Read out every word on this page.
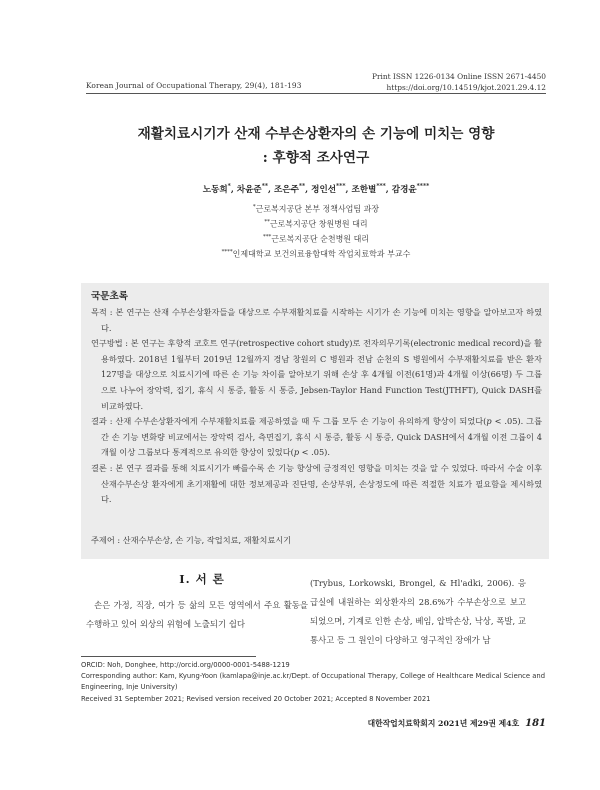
Korean Journal of Occupational Therapy, 29(4), 181-193
Print ISSN 1226-0134 Online ISSN 2671-4450
https://doi.org/10.14519/kjot.2021.29.4.12
재활치료시기가 산재 수부손상환자의 손 기능에 미치는 영향
: 후향적 조사연구
노동희*, 차윤준**, 조은주**, 정인선***, 조한별***, 감경윤****
*근로복지공단 본부 정책사업팀 과장
**근로복지공단 창원병원 대리
***근로복지공단 순천병원 대리
****인제대학교 보건의료융합대학 작업치료학과 부교수
국문초록

목적 : 본 연구는 산재 수부손상환자들을 대상으로 수부재활치료를 시작하는 시기가 손 기능에 미치는 영향을 알아보고자 하였다.

연구방법 : 본 연구는 후향적 코호트 연구(retrospective cohort study)로 전자의무기록(electronic medical record)을 활용하였다. 2018년 1월부터 2019년 12월까지 경남 창원의 C 병원과 전남 순천의 S 병원에서 수부재활치료를 받은 환자 127명을 대상으로 치료시기에 따른 손 기능 차이를 알아보기 위해 손상 후 4개월 이전(61명)과 4개월 이상(66명) 두 그룹으로 나누어 장악력, 집기, 휴식 시 통증, 활동 시 통증, Jebsen-Taylor Hand Function Test(JTHFT), Quick DASH를 비교하였다.

결과 : 산재 수부손상환자에게 수부재활치료를 제공하였을 때 두 그룹 모두 손 기능이 유의하게 향상이 되었다(p < .05). 그룹 간 손 기능 변화량 비교에서는 장악력 검사, 측면집기, 휴식 시 통증, 활동 시 통증, Quick DASH에서 4개월 이전 그룹이 4개월 이상 그룹보다 통계적으로 유의한 향상이 있었다(p < .05).

결론 : 본 연구 결과를 통해 치료시기가 빠를수록 손 기능 향상에 긍정적인 영향을 미치는 것을 알 수 있었다. 따라서 수술 이후 산재수부손상 환자에게 초기재활에 대한 정보제공과 진단명, 손상부위, 손상정도에 따른 적절한 치료가 필요함을 제시하였다.

주제어 : 산재수부손상, 손 기능, 작업치료, 재활치료시기
Ⅰ. 서 론
손은 가정, 직장, 여가 등 삶의 모든 영역에서 주요 활동을 수행하고 있어 외상의 위험에 노출되기 쉽다
(Trybus, Lorkowski, Brongel, & Hl'adki, 2006). 응급실에 내원하는 외상환자의 28.6%가 수부손상으로 보고되었으며, 기계로 인한 손상, 베임, 압박손상, 낙상, 폭발, 교통사고 등 그 원인이 다양하고 영구적인 장애가 남
ORCID: Noh, Donghee, http://orcid.org/0000-0001-5488-1219
Corresponding author: Kam, Kyung-Yoon (kamlapa@inje.ac.kr/Dept. of Occupational Therapy, College of Healthcare Medical Science and Engineering, Inje University)
Received 31 September 2021; Revised version received 20 October 2021; Accepted 8 November 2021
대한작업치료학회지 2021년 제29권 제4호 181
